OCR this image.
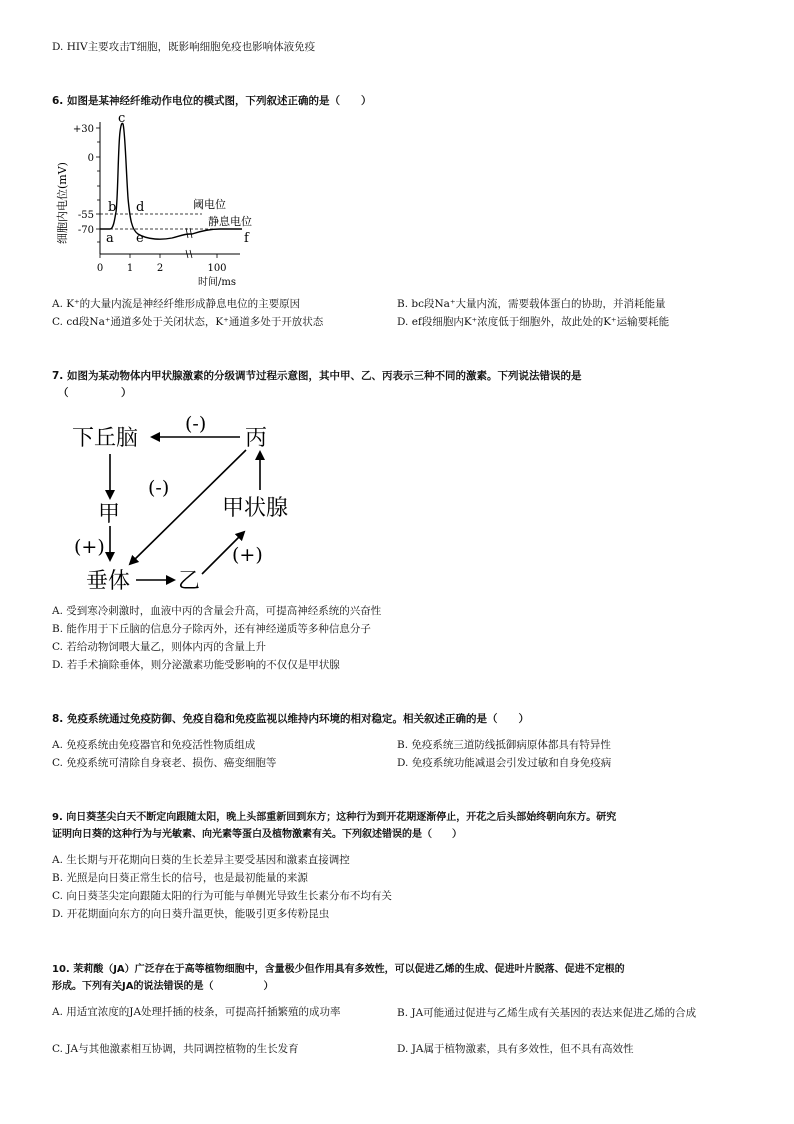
D. HIV主要攻击T细胞，既影响细胞免疫也影响体液免疫
6. 如图是某神经纤维动作电位的模式图，下列叙述正确的是（　　）
细胞内电位(mV)
+30
0
-55
-70
0 1 2	100
时间/ms
a
b
c
d
e	f
阈电位
静息电位
A. K⁺的大量内流是神经纤维形成静息电位的主要原因	B. bc段Na⁺大量内流，需要载体蛋白的协助，并消耗能量
C. cd段Na⁺通道多处于关闭状态，K⁺通道多处于开放状态	D. ef段细胞内K⁺浓度低于细胞外，故此处的K⁺运输要耗能
7. 如图为某动物体内甲状腺激素的分级调节过程示意图，其中甲、乙、丙表示三种不同的激素。下列说法错误的是
（　　　　　）
下丘脑	丙
甲	甲状腺
垂体 乙
(-)
(-)
(+)	(+)
A. 受到寒冷刺激时，血液中丙的含量会升高，可提高神经系统的兴奋性
B. 能作用于下丘脑的信息分子除丙外，还有神经递质等多种信息分子
C. 若给动物饲喂大量乙，则体内丙的含量上升
D. 若手术摘除垂体，则分泌激素功能受影响的不仅仅是甲状腺
8. 免疫系统通过免疫防御、免疫自稳和免疫监视以维持内环境的相对稳定。相关叙述正确的是（　　）
A. 免疫系统由免疫器官和免疫活性物质组成	B. 免疫系统三道防线抵御病原体都具有特异性
C. 免疫系统可清除自身衰老、损伤、癌变细胞等	D. 免疫系统功能减退会引发过敏和自身免疫病
9. 向日葵茎尖白天不断定向跟随太阳，晚上头部重新回到东方；这种行为到开花期逐渐停止，开花之后头部始终朝向东方。研究
证明向日葵的这种行为与光敏素、向光素等蛋白及植物激素有关。下列叙述错误的是（　　）
A. 生长期与开花期向日葵的生长差异主要受基因和激素直接调控
B. 光照是向日葵正常生长的信号，也是最初能量的来源
C. 向日葵茎尖定向跟随太阳的行为可能与单侧光导致生长素分布不均有关
D. 开花期面向东方的向日葵升温更快，能吸引更多传粉昆虫
10. 茉莉酸（JA）广泛存在于高等植物细胞中，含量极少但作用具有多效性，可以促进乙烯的生成、促进叶片脱落、促进不定根的
形成。下列有关JA的说法错误的是（　　　　　）
A. 用适宜浓度的JA处理扦插的枝条，可提高扦插繁殖的成功率	B. JA可能通过促进与乙烯生成有关基因的表达来促进乙烯的合成
C. JA与其他激素相互协调，共同调控植物的生长发育	D. JA属于植物激素，具有多效性，但不具有高效性
